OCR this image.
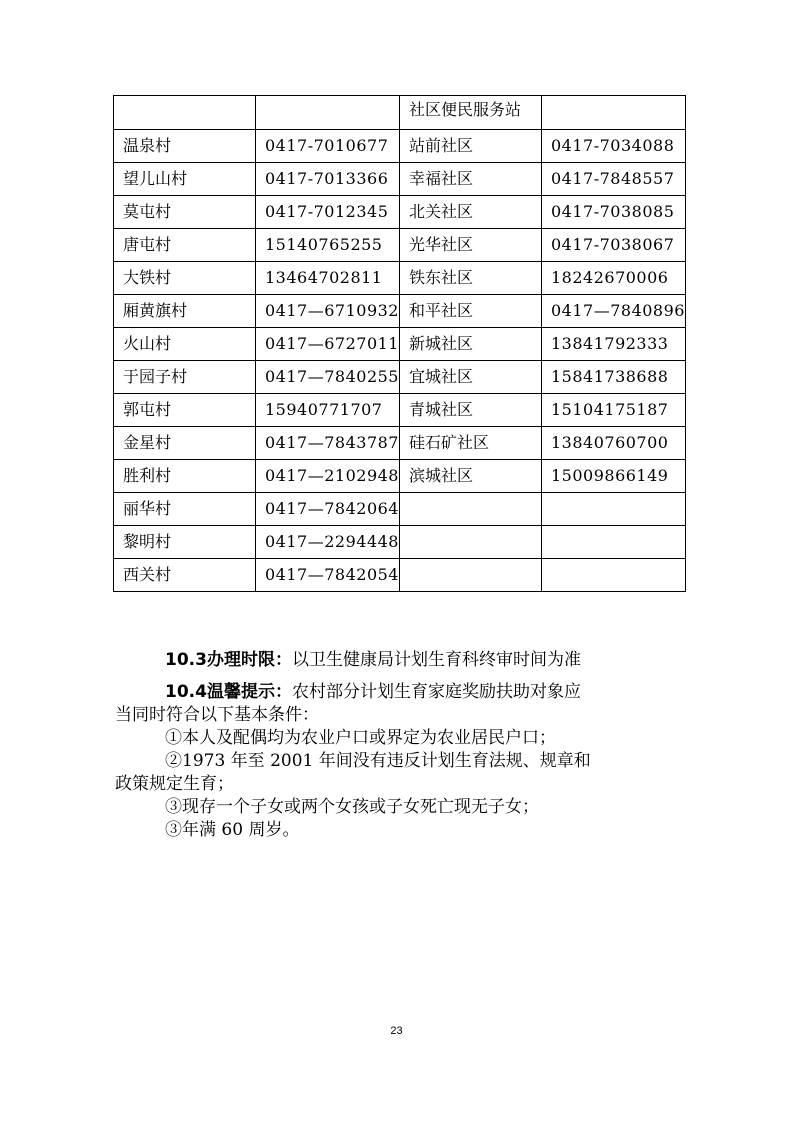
		社区便民服务站	
温泉村	0417-7010677	站前社区	0417-7034088
望儿山村	0417-7013366	幸福社区	0417-7848557
莫屯村	0417-7012345	北关社区	0417-7038085
唐屯村	15140765255	光华社区	0417-7038067
大铁村	13464702811	铁东社区	18242670006
厢黄旗村	0417—6710932	和平社区	0417—7840896
火山村	0417—6727011	新城社区	13841792333
于园子村	0417—7840255	宜城社区	15841738688
郭屯村	15940771707	青城社区	15104175187
金星村	0417—7843787	硅石矿社区	13840760700
胜利村	0417—2102948	滨城社区	15009866149
丽华村	0417—7842064		
黎明村	0417—2294448		
西关村	0417—7842054		

10.3办理时限：以卫生健康局计划生育科终审时间为准

10.4温馨提示：农村部分计划生育家庭奖励扶助对象应

当同时符合以下基本条件：

①本人及配偶均为农业户口或界定为农业居民户口；

②1973 年至 2001 年间没有违反计划生育法规、规章和

政策规定生育；

③现存一个子女或两个女孩或子女死亡现无子女；

③年满 60 周岁。

23
